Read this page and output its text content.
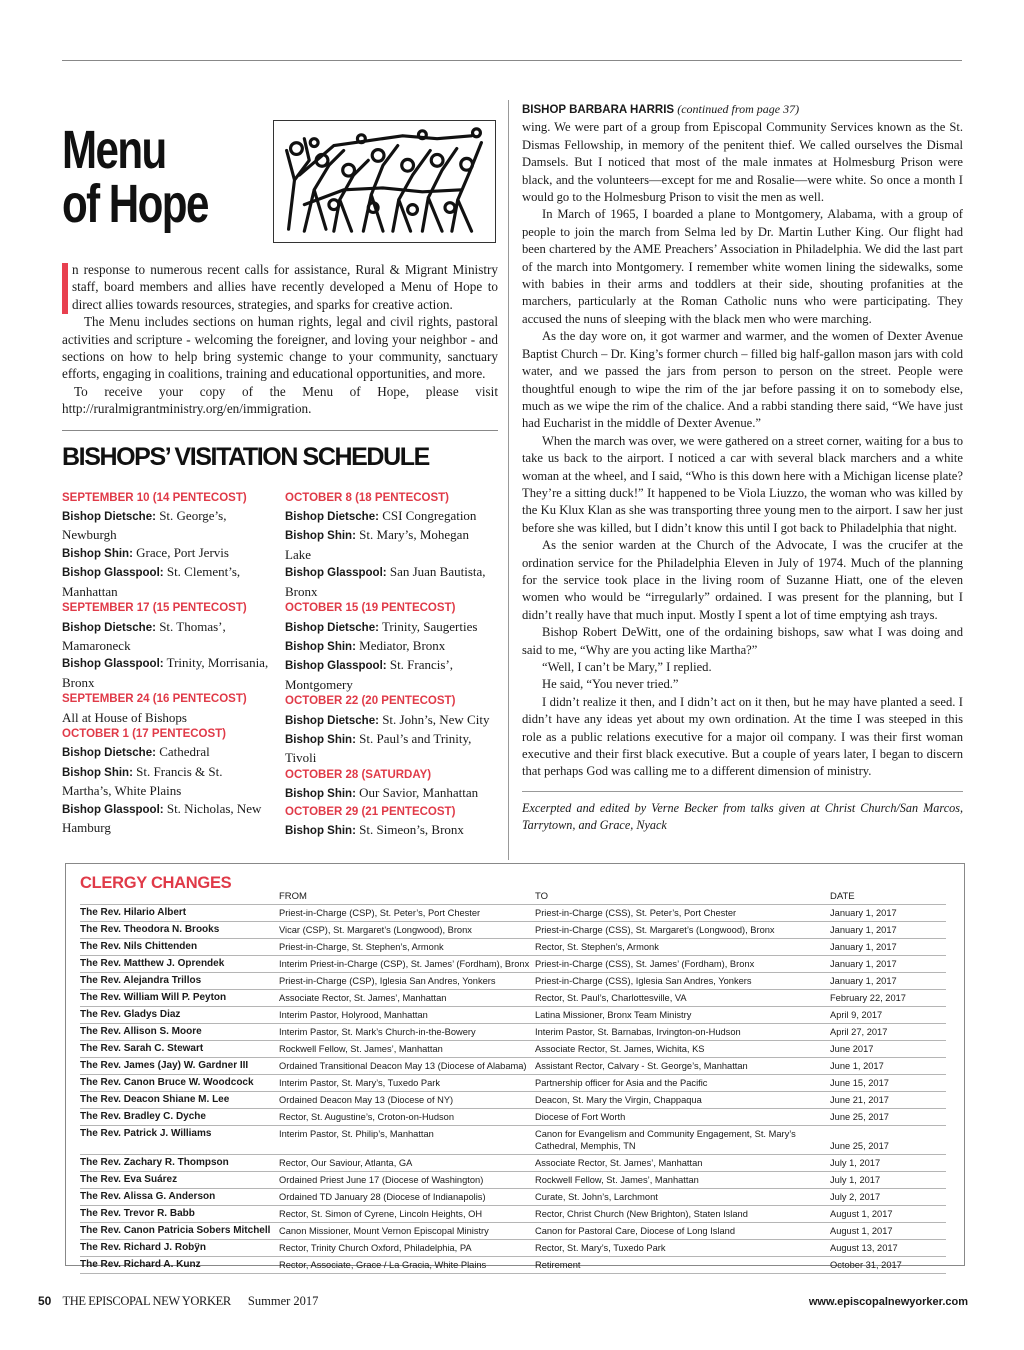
Menu
of Hope

n response to numerous recent calls for assistance, Rural & Migrant Ministry staff, board members and allies have recently developed a Menu of Hope to direct allies towards resources, strategies, and sparks for creative action.

The Menu includes sections on human rights, legal and civil rights, pastoral activities and scripture - welcoming the foreigner, and loving your neighbor - and sections on how to help bring systemic change to your community, sanctuary efforts, engaging in coalitions, training and educational opportunities, and more.

To receive your copy of the Menu of Hope, please visit http://ruralmigrantministry.org/en/immigration.

BISHOPS’ VISITATION SCHEDULE
SEPTEMBER 10 (14 PENTECOST)
Bishop Dietsche: St. George’s, Newburgh
Bishop Shin: Grace, Port Jervis
Bishop Glasspool: St. Clement’s, Manhattan
SEPTEMBER 17 (15 PENTECOST)
Bishop Dietsche: St. Thomas’, Mamaroneck
Bishop Glasspool: Trinity, Morrisania, Bronx
SEPTEMBER 24 (16 PENTECOST)
All at House of Bishops
OCTOBER 1 (17 PENTECOST)
Bishop Dietsche: Cathedral
Bishop Shin: St. Francis & St. Martha’s, White Plains
Bishop Glasspool: St. Nicholas, New Hamburg
OCTOBER 8 (18 PENTECOST)
Bishop Dietsche: CSI Congregation
Bishop Shin: St. Mary’s, Mohegan Lake
Bishop Glasspool: San Juan Bautista, Bronx
OCTOBER 15 (19 PENTECOST)
Bishop Dietsche: Trinity, Saugerties
Bishop Shin: Mediator, Bronx
Bishop Glasspool: St. Francis’, Montgomery
OCTOBER 22 (20 PENTECOST)
Bishop Dietsche: St. John’s, New City
Bishop Shin: St. Paul’s and Trinity, Tivoli
OCTOBER 28 (SATURDAY)
Bishop Shin: Our Savior, Manhattan
OCTOBER 29 (21 PENTECOST)
Bishop Shin: St. Simeon’s, Bronx
BISHOP BARBARA HARRIS (continued from page 37)

wing. We were part of a group from Episcopal Community Services known as the St. Dismas Fellowship, in memory of the penitent thief. We called ourselves the Dismal Damsels. But I noticed that most of the male inmates at Holmesburg Prison were black, and the volunteers—except for me and Rosalie—were white. So once a month I would go to the Holmesburg Prison to visit the men as well.

In March of 1965, I boarded a plane to Montgomery, Alabama, with a group of people to join the march from Selma led by Dr. Martin Luther King. Our flight had been chartered by the AME Preachers’ Association in Philadelphia. We did the last part of the march into Montgomery. I remember white women lining the sidewalks, some with babies in their arms and toddlers at their side, shouting profanities at the marchers, particularly at the Roman Catholic nuns who were participating. They accused the nuns of sleeping with the black men who were marching.

As the day wore on, it got warmer and warmer, and the women of Dexter Avenue Baptist Church – Dr. King’s former church – filled big half-gallon mason jars with cold water, and we passed the jars from person to person on the street. People were thoughtful enough to wipe the rim of the jar before passing it on to somebody else, much as we wipe the rim of the chalice. And a rabbi standing there said, “We have just had Eucharist in the middle of Dexter Avenue.”

When the march was over, we were gathered on a street corner, waiting for a bus to take us back to the airport. I noticed a car with several black marchers and a white woman at the wheel, and I said, “Who is this down here with a Michigan license plate? They’re a sitting duck!” It happened to be Viola Liuzzo, the woman who was killed by the Ku Klux Klan as she was transporting three young men to the airport. I saw her just before she was killed, but I didn’t know this until I got back to Philadelphia that night.

As the senior warden at the Church of the Advocate, I was the crucifer at the ordination service for the Philadelphia Eleven in July of 1974. Much of the planning for the service took place in the living room of Suzanne Hiatt, one of the eleven women who would be “irregularly” ordained. I was present for the planning, but I didn’t really have that much input. Mostly I spent a lot of time emptying ash trays.

Bishop Robert DeWitt, one of the ordaining bishops, saw what I was doing and said to me, “Why are you acting like Martha?”

“Well, I can’t be Mary,” I replied.

He said, “You never tried.”

I didn’t realize it then, and I didn’t act on it then, but he may have planted a seed. I didn’t have any ideas yet about my own ordination. At the time I was steeped in this role as a public relations executive for a major oil company. I was their first woman executive and their first black executive. But a couple of years later, I began to discern that perhaps God was calling me to a different dimension of ministry.

Excerpted and edited by Verne Becker from talks given at Christ Church/San Marcos, Tarrytown, and Grace, Nyack
CLERGY CHANGES
	FROM	TO	DATE
The Rev. Hilario Albert	Priest-in-Charge (CSP), St. Peter’s, Port Chester	Priest-in-Charge (CSS), St. Peter’s, Port Chester	January 1, 2017
The Rev. Theodora N. Brooks	Vicar (CSP), St. Margaret’s (Longwood), Bronx	Priest-in-Charge (CSS), St. Margaret’s (Longwood), Bronx	January 1, 2017
The Rev. Nils Chittenden	Priest-in-Charge, St. Stephen’s, Armonk	Rector, St. Stephen’s, Armonk	January 1, 2017
The Rev. Matthew J. Oprendek	Interim Priest-in-Charge (CSP), St. James’ (Fordham), Bronx	Priest-in-Charge (CSS), St. James’ (Fordham), Bronx	January 1, 2017
The Rev. Alejandra Trillos	Priest-in-Charge (CSP), Iglesia San Andres, Yonkers	Priest-in-Charge (CSS), Iglesia San Andres, Yonkers	January 1, 2017
The Rev. William Will P. Peyton	Associate Rector, St. James’, Manhattan	Rector, St. Paul’s, Charlottesville, VA	February 22, 2017
The Rev. Gladys Diaz	Interim Pastor, Holyrood, Manhattan	Latina Missioner, Bronx Team Ministry	April 9, 2017
The Rev. Allison S. Moore	Interim Pastor, St. Mark’s Church-in-the-Bowery	Interim Pastor, St. Barnabas, Irvington-on-Hudson	April 27, 2017
The Rev. Sarah C. Stewart	Rockwell Fellow, St. James’, Manhattan	Associate Rector, St. James, Wichita, KS	June 2017
The Rev. James (Jay) W. Gardner III	Ordained Transitional Deacon May 13 (Diocese of Alabama)	Assistant Rector, Calvary - St. George’s, Manhattan	June 1, 2017
The Rev. Canon Bruce W. Woodcock	Interim Pastor, St. Mary’s, Tuxedo Park	Partnership officer for Asia and the Pacific	June 15, 2017
The Rev. Deacon Shiane M. Lee	Ordained Deacon May 13 (Diocese of NY)	Deacon, St. Mary the Virgin, Chappaqua	June 21, 2017
The Rev. Bradley C. Dyche	Rector, St. Augustine’s, Croton-on-Hudson	Diocese of Fort Worth	June 25, 2017
The Rev. Patrick J. Williams	Interim Pastor, St. Philip’s, Manhattan	Canon for Evangelism and Community Engagement, St. Mary’s Cathedral, Memphis, TN	June 25, 2017
The Rev. Zachary R. Thompson	Rector, Our Saviour, Atlanta, GA	Associate Rector, St. James’, Manhattan	July 1, 2017
The Rev. Eva Suárez	Ordained Priest June 17 (Diocese of Washington)	Rockwell Fellow, St. James’, Manhattan	July 1, 2017
The Rev. Alissa G. Anderson	Ordained TD January 28 (Diocese of Indianapolis)	Curate, St. John’s, Larchmont	July 2, 2017
The Rev. Trevor R. Babb	Rector, St. Simon of Cyrene, Lincoln Heights, OH	Rector, Christ Church (New Brighton), Staten Island	August 1, 2017
The Rev. Canon Patricia Sobers Mitchell	Canon Missioner, Mount Vernon Episcopal Ministry	Canon for Pastoral Care, Diocese of Long Island	August 1, 2017
The Rev. Richard J. Robÿn	Rector, Trinity Church Oxford, Philadelphia, PA	Rector, St. Mary’s, Tuxedo Park	August 13, 2017
The Rev. Richard A. Kunz	Rector, Associate, Grace / La Gracia, White Plains	Retirement	October 31, 2017
50 THE EPISCOPAL NEW YORKER Summer 2017	www.episcopalnewyorker.com
